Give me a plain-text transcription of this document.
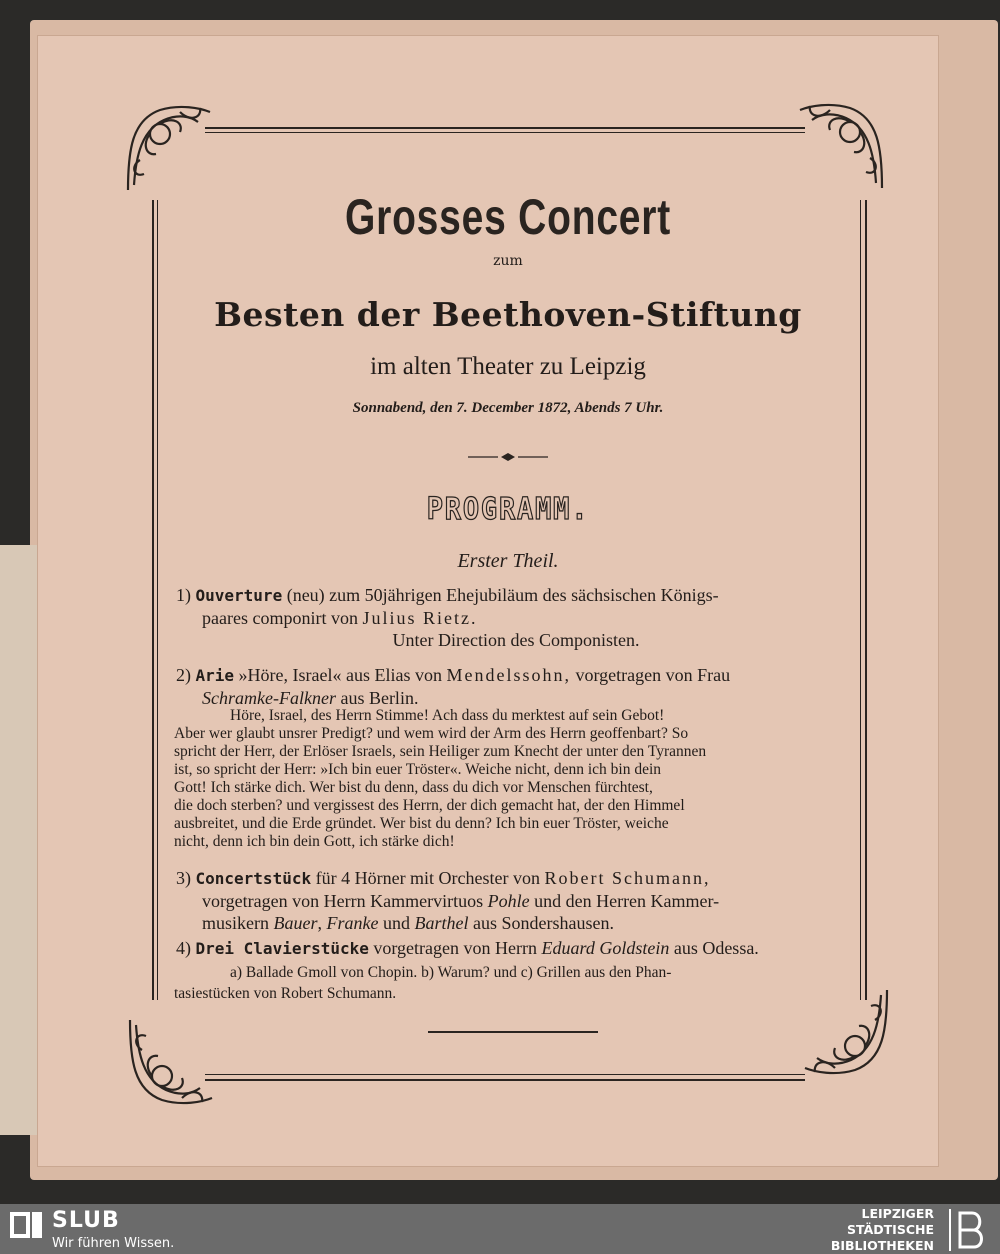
Grosses Concert
zum
Besten der Beethoven-Stiftung
im alten Theater zu Leipzig
Sonnabend, den 7. December 1872, Abends 7 Uhr.
PROGRAMM.
Erster Theil.
1) Ouverture (neu) zum 50jährigen Ehejubiläum des sächsischen Königs-
paares componirt von Julius Rietz.
Unter Direction des Componisten.
2) Arie »Höre, Israel« aus Elias von Mendelssohn, vorgetragen von Frau
Schramke-Falkner aus Berlin.
Höre, Israel, des Herrn Stimme! Ach dass du merktest auf sein Gebot!
Aber wer glaubt unsrer Predigt? und wem wird der Arm des Herrn geoffenbart? So
spricht der Herr, der Erlöser Israels, sein Heiliger zum Knecht der unter den Tyrannen
ist, so spricht der Herr: »Ich bin euer Tröster«. Weiche nicht, denn ich bin dein
Gott! Ich stärke dich. Wer bist du denn, dass du dich vor Menschen fürchtest,
die doch sterben? und vergissest des Herrn, der dich gemacht hat, der den Himmel
ausbreitet, und die Erde gründet. Wer bist du denn? Ich bin euer Tröster, weiche
nicht, denn ich bin dein Gott, ich stärke dich!
3) Concertstück für 4 Hörner mit Orchester von Robert Schumann,
vorgetragen von Herrn Kammervirtuos Pohle und den Herren Kammer-
musikern Bauer, Franke und Barthel aus Sondershausen.
4) Drei Clavierstücke vorgetragen von Herrn Eduard Goldstein aus Odessa.
a) Ballade Gmoll von Chopin. b) Warum? und c) Grillen aus den Phan-
tasiestücken von Robert Schumann.
SLUB
Wir führen Wissen.
LEIPZIGER
STÄDTISCHE
BIBLIOTHEKEN
